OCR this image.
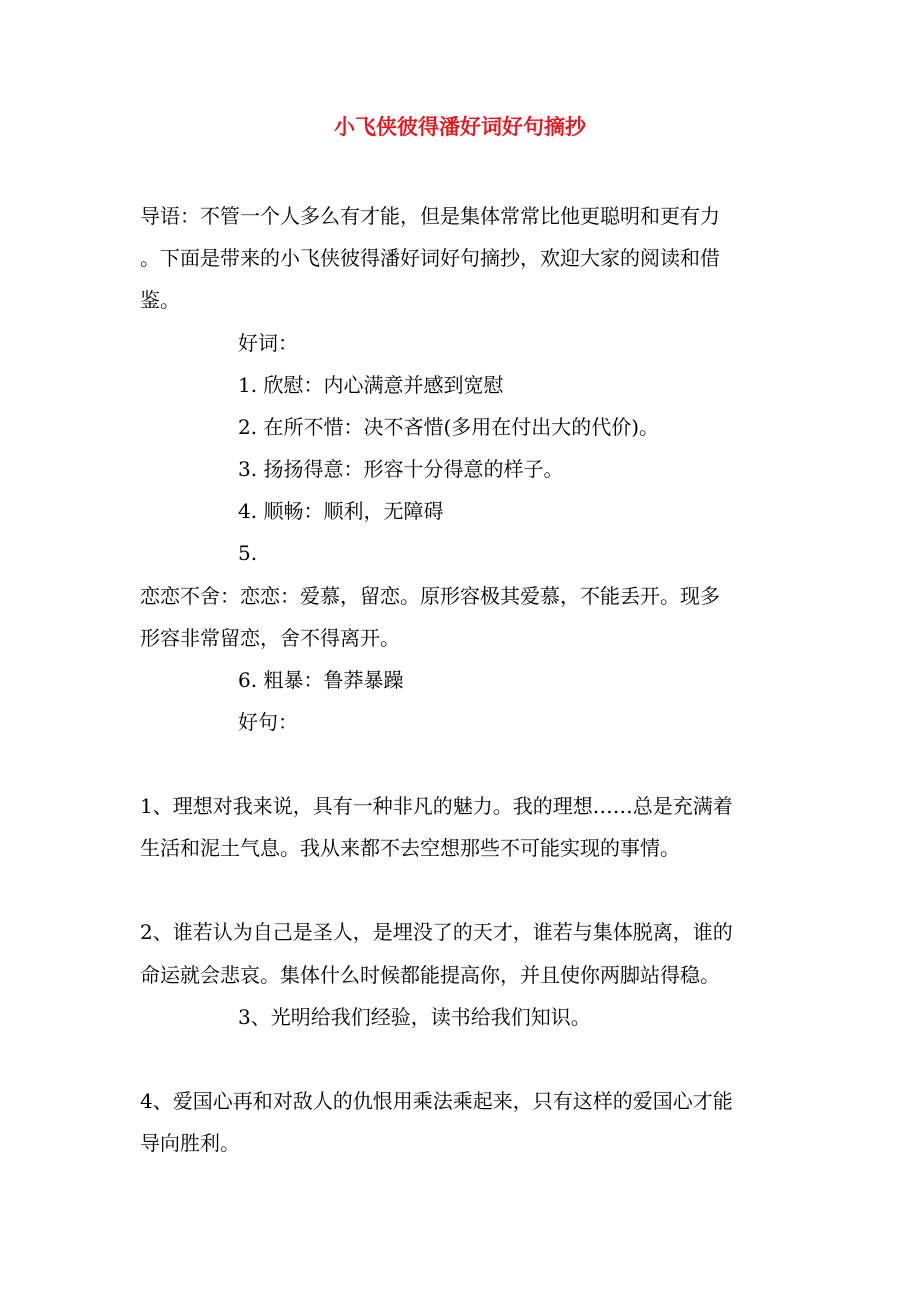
小飞侠彼得潘好词好句摘抄
导语：不管一个人多么有才能，但是集体常常比他更聪明和更有力
。下面是带来的小飞侠彼得潘好词好句摘抄，欢迎大家的阅读和借
鉴。
好词：
1. 欣慰：内心满意并感到宽慰
2. 在所不惜：决不吝惜(多用在付出大的代价)。
3. 扬扬得意：形容十分得意的样子。
4. 顺畅：顺利，无障碍
5.
恋恋不舍：恋恋：爱慕，留恋。原形容极其爱慕，不能丢开。现多
形容非常留恋，舍不得离开。
6. 粗暴：鲁莽暴躁
好句：
1、理想对我来说，具有一种非凡的魅力。我的理想……总是充满着
生活和泥土气息。我从来都不去空想那些不可能实现的事情。
2、谁若认为自己是圣人，是埋没了的天才，谁若与集体脱离，谁的
命运就会悲哀。集体什么时候都能提高你，并且使你两脚站得稳。
3、光明给我们经验，读书给我们知识。
4、爱国心再和对敌人的仇恨用乘法乘起来，只有这样的爱国心才能
导向胜利。
